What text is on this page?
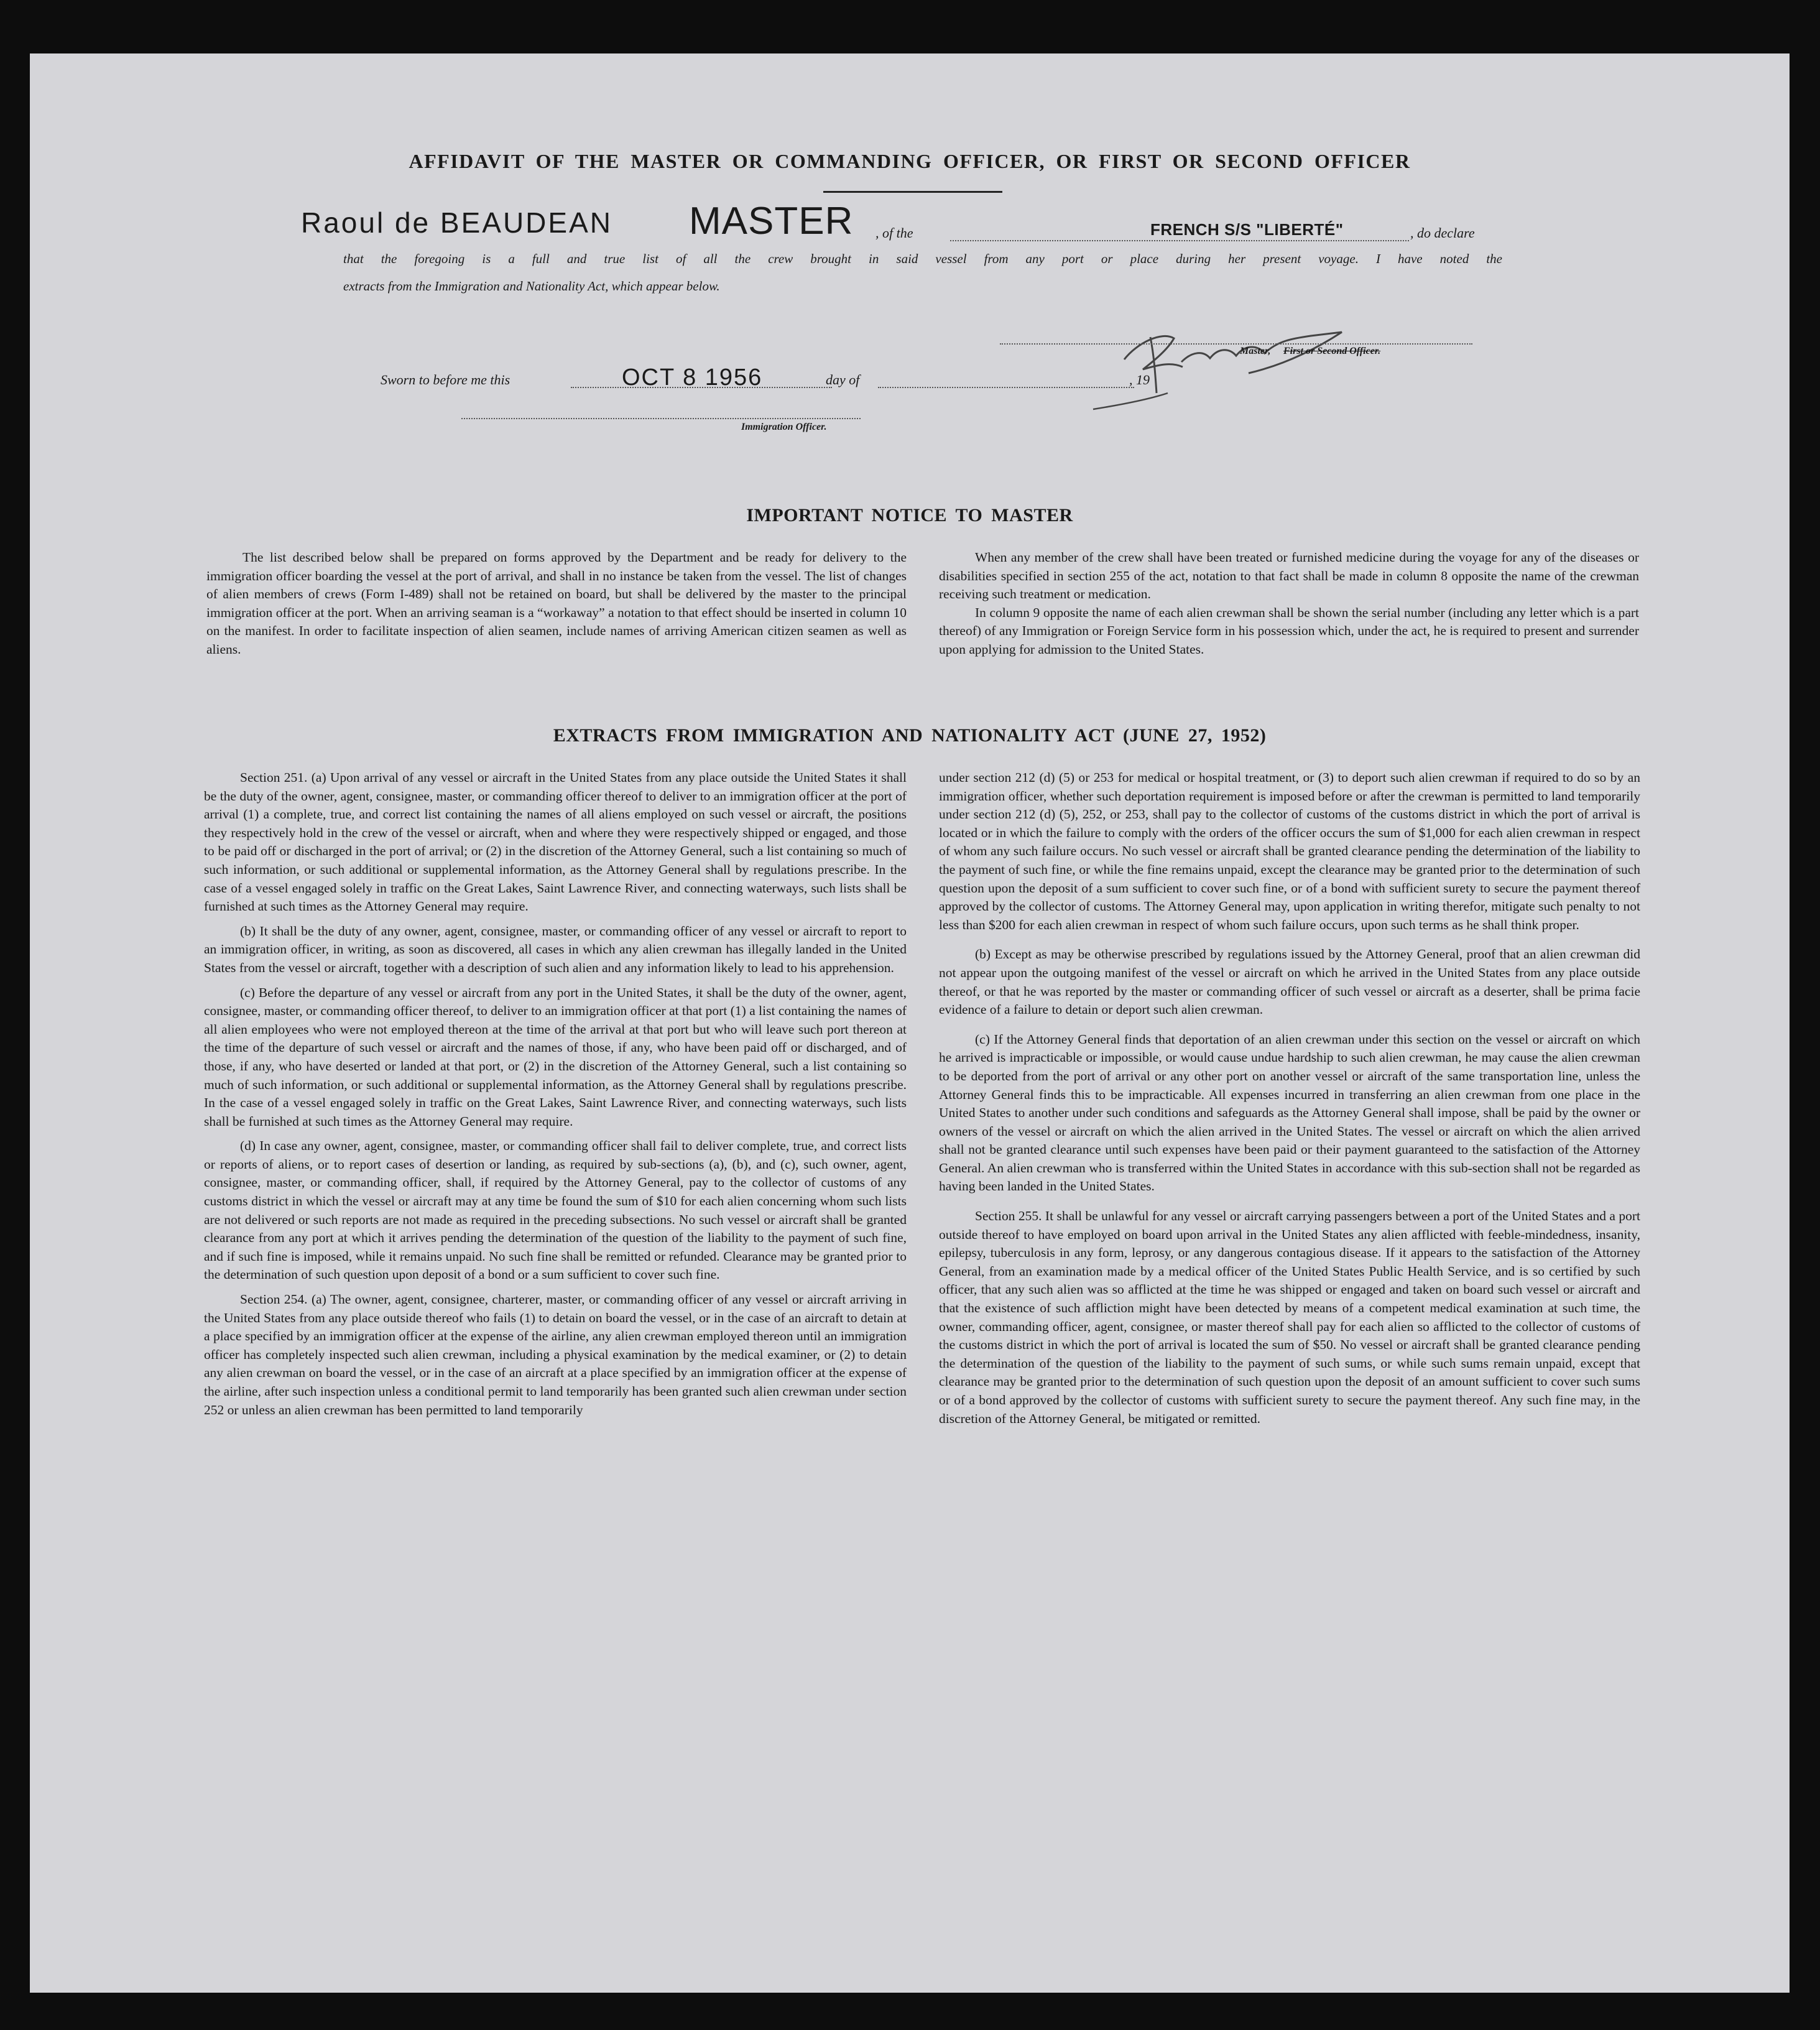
AFFIDAVIT OF THE MASTER OR COMMANDING OFFICER, OR FIRST OR SECOND OFFICER
Raoul de BEAUDEAN MASTER , of the	FRENCH S/S "LIBERTÉ"	, do declare
that the foregoing is a full and true list of all the crew brought in said vessel from any port or place during her present voyage. I have noted the
extracts from the Immigration and Nationality Act, which appear below.
Master, First or Second Officer.
Sworn to before me this	OCT 8 1956	day of	, 19
Immigration Officer.
IMPORTANT NOTICE TO MASTER

The list described below shall be prepared on forms approved by the Department and be ready for delivery to the immigration officer boarding the vessel at the port of arrival, and shall in no instance be taken from the vessel. The list of changes of alien members of crews (Form I-489) shall not be retained on board, but shall be delivered by the master to the principal immigration officer at the port. When an arriving seaman is a “workaway” a notation to that effect should be inserted in column 10 on the manifest. In order to facilitate inspection of alien seamen, include names of arriving American citizen seamen as well as aliens.

When any member of the crew shall have been treated or furnished medicine during the voyage for any of the diseases or disabilities specified in section 255 of the act, notation to that fact shall be made in column 8 opposite the name of the crewman receiving such treatment or medication.

In column 9 opposite the name of each alien crewman shall be shown the serial number (including any letter which is a part thereof) of any Immigration or Foreign Service form in his possession which, under the act, he is required to present and surrender upon applying for admission to the United States.

EXTRACTS FROM IMMIGRATION AND NATIONALITY ACT (JUNE 27, 1952)

Section 251. (a) Upon arrival of any vessel or aircraft in the United States from any place outside the United States it shall be the duty of the owner, agent, consignee, master, or commanding officer thereof to deliver to an immigration officer at the port of arrival (1) a complete, true, and correct list containing the names of all aliens employed on such vessel or aircraft, the positions they respectively hold in the crew of the vessel or aircraft, when and where they were respectively shipped or engaged, and those to be paid off or discharged in the port of arrival; or (2) in the discretion of the Attorney General, such a list containing so much of such information, or such additional or supplemental information, as the Attorney General shall by regulations prescribe. In the case of a vessel engaged solely in traffic on the Great Lakes, Saint Lawrence River, and connecting waterways, such lists shall be furnished at such times as the Attorney General may require.

(b) It shall be the duty of any owner, agent, consignee, master, or commanding officer of any vessel or aircraft to report to an immigration officer, in writing, as soon as discovered, all cases in which any alien crewman has illegally landed in the United States from the vessel or aircraft, together with a description of such alien and any information likely to lead to his apprehension.

(c) Before the departure of any vessel or aircraft from any port in the United States, it shall be the duty of the owner, agent, consignee, master, or commanding officer thereof, to deliver to an immigration officer at that port (1) a list containing the names of all alien employees who were not employed thereon at the time of the arrival at that port but who will leave such port thereon at the time of the departure of such vessel or aircraft and the names of those, if any, who have been paid off or discharged, and of those, if any, who have deserted or landed at that port, or (2) in the discretion of the Attorney General, such a list containing so much of such information, or such additional or supplemental information, as the Attorney General shall by regulations prescribe. In the case of a vessel engaged solely in traffic on the Great Lakes, Saint Lawrence River, and connecting waterways, such lists shall be furnished at such times as the Attorney General may require.

(d) In case any owner, agent, consignee, master, or commanding officer shall fail to deliver complete, true, and correct lists or reports of aliens, or to report cases of desertion or landing, as required by sub-sections (a), (b), and (c), such owner, agent, consignee, master, or commanding officer, shall, if required by the Attorney General, pay to the collector of customs of any customs district in which the vessel or aircraft may at any time be found the sum of $10 for each alien concerning whom such lists are not delivered or such reports are not made as required in the preceding subsections. No such vessel or aircraft shall be granted clearance from any port at which it arrives pending the determination of the question of the liability to the payment of such fine, and if such fine is imposed, while it remains unpaid. No such fine shall be remitted or refunded. Clearance may be granted prior to the determination of such question upon deposit of a bond or a sum sufficient to cover such fine.

Section 254. (a) The owner, agent, consignee, charterer, master, or commanding officer of any vessel or aircraft arriving in the United States from any place outside thereof who fails (1) to detain on board the vessel, or in the case of an aircraft to detain at a place specified by an immigration officer at the expense of the airline, any alien crewman employed thereon until an immigration officer has completely inspected such alien crewman, including a physical examination by the medical examiner, or (2) to detain any alien crewman on board the vessel, or in the case of an aircraft at a place specified by an immigration officer at the expense of the airline, after such inspection unless a conditional permit to land temporarily has been granted such alien crewman under section 252 or unless an alien crewman has been permitted to land temporarily

under section 212 (d) (5) or 253 for medical or hospital treatment, or (3) to deport such alien crewman if required to do so by an immigration officer, whether such deportation requirement is imposed before or after the crewman is permitted to land temporarily under section 212 (d) (5), 252, or 253, shall pay to the collector of customs of the customs district in which the port of arrival is located or in which the failure to comply with the orders of the officer occurs the sum of $1,000 for each alien crewman in respect of whom any such failure occurs. No such vessel or aircraft shall be granted clearance pending the determination of the liability to the payment of such fine, or while the fine remains unpaid, except the clearance may be granted prior to the determination of such question upon the deposit of a sum sufficient to cover such fine, or of a bond with sufficient surety to secure the payment thereof approved by the collector of customs. The Attorney General may, upon application in writing therefor, mitigate such penalty to not less than $200 for each alien crewman in respect of whom such failure occurs, upon such terms as he shall think proper.

(b) Except as may be otherwise prescribed by regulations issued by the Attorney General, proof that an alien crewman did not appear upon the outgoing manifest of the vessel or aircraft on which he arrived in the United States from any place outside thereof, or that he was reported by the master or commanding officer of such vessel or aircraft as a deserter, shall be prima facie evidence of a failure to detain or deport such alien crewman.

(c) If the Attorney General finds that deportation of an alien crewman under this section on the vessel or aircraft on which he arrived is impracticable or impossible, or would cause undue hardship to such alien crewman, he may cause the alien crewman to be deported from the port of arrival or any other port on another vessel or aircraft of the same transportation line, unless the Attorney General finds this to be impracticable. All expenses incurred in transferring an alien crewman from one place in the United States to another under such conditions and safeguards as the Attorney General shall impose, shall be paid by the owner or owners of the vessel or aircraft on which the alien arrived in the United States. The vessel or aircraft on which the alien arrived shall not be granted clearance until such expenses have been paid or their payment guaranteed to the satisfaction of the Attorney General. An alien crewman who is transferred within the United States in accordance with this sub-section shall not be regarded as having been landed in the United States.

Section 255. It shall be unlawful for any vessel or aircraft carrying passengers between a port of the United States and a port outside thereof to have employed on board upon arrival in the United States any alien afflicted with feeble-mindedness, insanity, epilepsy, tuberculosis in any form, leprosy, or any dangerous contagious disease. If it appears to the satisfaction of the Attorney General, from an examination made by a medical officer of the United States Public Health Service, and is so certified by such officer, that any such alien was so afflicted at the time he was shipped or engaged and taken on board such vessel or aircraft and that the existence of such affliction might have been detected by means of a competent medical examination at such time, the owner, commanding officer, agent, consignee, or master thereof shall pay for each alien so afflicted to the collector of customs of the customs district in which the port of arrival is located the sum of $50. No vessel or aircraft shall be granted clearance pending the determination of the question of the liability to the payment of such sums, or while such sums remain unpaid, except that clearance may be granted prior to the determination of such question upon the deposit of an amount sufficient to cover such sums or of a bond approved by the collector of customs with sufficient surety to secure the payment thereof. Any such fine may, in the discretion of the Attorney General, be mitigated or remitted.
